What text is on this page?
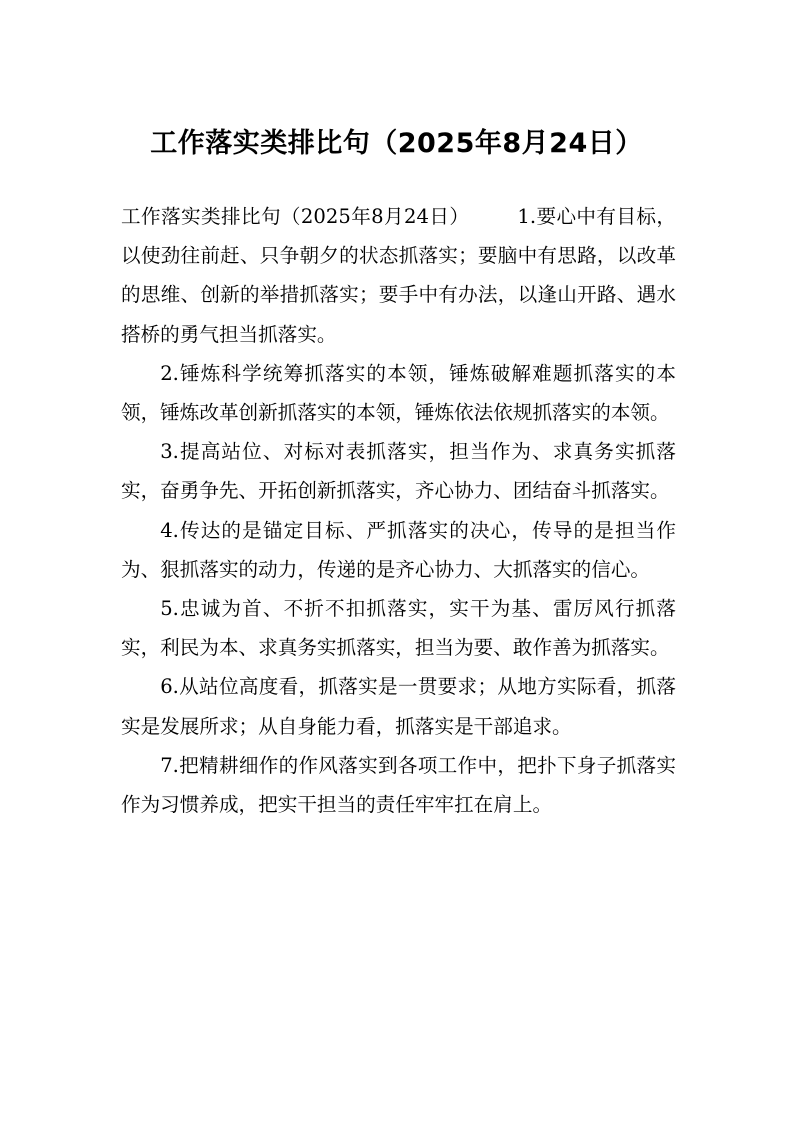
工作落实类排比句（2025年8月24日）

工作落实类排比句（2025年8月24日） 1.要心中有目标，以使劲往前赶、只争朝夕的状态抓落实；要脑中有思路，以改革的思维、创新的举措抓落实；要手中有办法，以逢山开路、遇水搭桥的勇气担当抓落实。

2.锤炼科学统筹抓落实的本领，锤炼破解难题抓落实的本领，锤炼改革创新抓落实的本领，锤炼依法依规抓落实的本领。

3.提高站位、对标对表抓落实，担当作为、求真务实抓落实，奋勇争先、开拓创新抓落实，齐心协力、团结奋斗抓落实。

4.传达的是锚定目标、严抓落实的决心，传导的是担当作为、狠抓落实的动力，传递的是齐心协力、大抓落实的信心。

5.忠诚为首、不折不扣抓落实，实干为基、雷厉风行抓落实，利民为本、求真务实抓落实，担当为要、敢作善为抓落实。

6.从站位高度看，抓落实是一贯要求；从地方实际看，抓落实是发展所求；从自身能力看，抓落实是干部追求。

7.把精耕细作的作风落实到各项工作中，把扑下身子抓落实作为习惯养成，把实干担当的责任牢牢扛在肩上。
